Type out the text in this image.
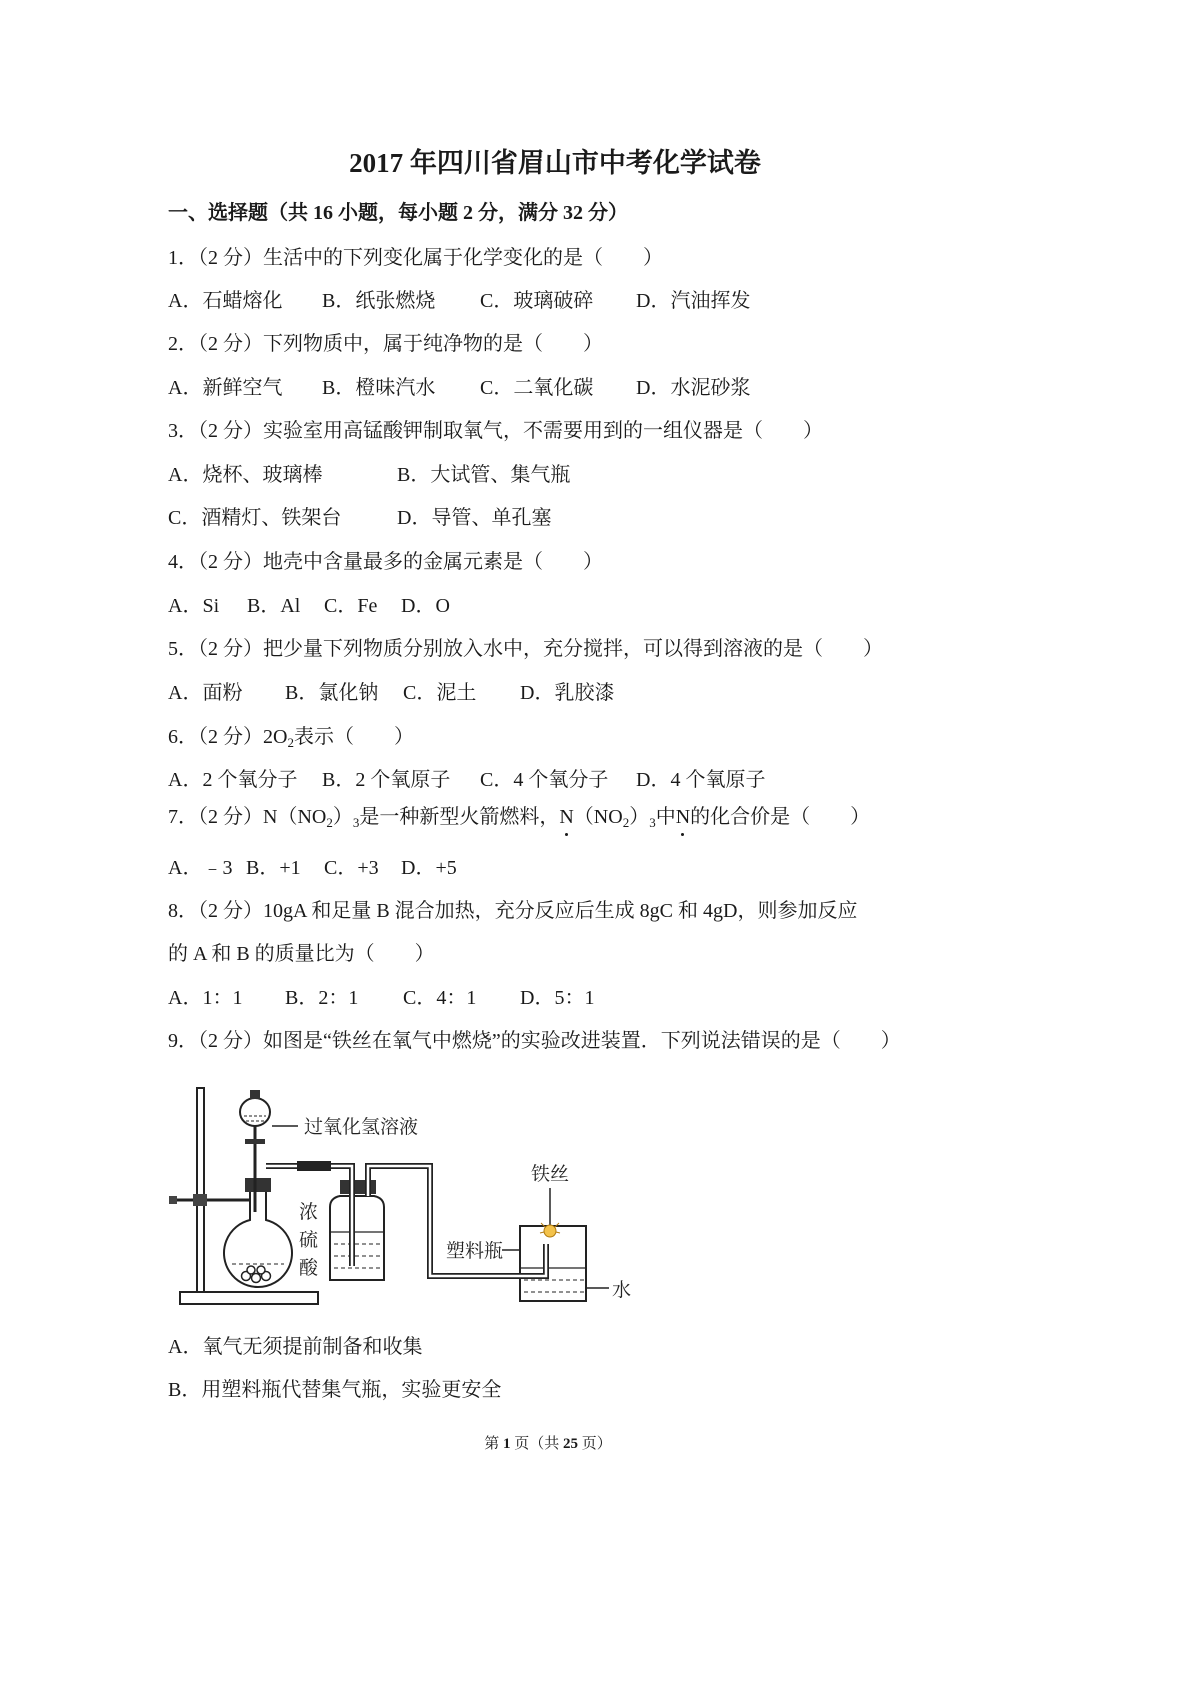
2017 年四川省眉山市中考化学试卷
一、选择题（共 16 小题，每小题 2 分，满分 32 分）
1．（2 分）生活中的下列变化属于化学变化的是（　　）
A．石蜡熔化 B．纸张燃烧 C．玻璃破碎 D．汽油挥发
2．（2 分）下列物质中，属于纯净物的是（　　）
A．新鲜空气 B．橙味汽水 C．二氧化碳 D．水泥砂浆
3．（2 分）实验室用高锰酸钾制取氧气，不需要用到的一组仪器是（　　）
A．烧杯、玻璃棒	B．大试管、集气瓶
C．酒精灯、铁架台	D．导管、单孔塞
4．（2 分）地壳中含量最多的金属元素是（　　）
A．Si B．Al C．Fe D．O
5．（2 分）把少量下列物质分别放入水中，充分搅拌，可以得到溶液的是（　　）
A．面粉 B．氯化钠 C．泥土 D．乳胶漆
6．（2 分）$2O_2$表示（　　）
A．2 个氧分子 B．2 个氧原子 C．4 个氧分子 D．4 个氧原子
7．（2 分）$N(NO_2)_3$是一种新型火箭燃料，$N(NO_2)_3$中N的化合价是（　　）
A．﹣3 B．+1 C．+3 D．+5
8．（2 分）10gA 和足量 B 混合加热，充分反应后生成 8gC 和 4gD，则参加反应
的 A 和 B 的质量比为（　　）
A．1：1 B．2：1 C．4：1 D．5：1
9．（2 分）如图是“铁丝在氧气中燃烧”的实验改进装置．下列说法错误的是（　　）
过氧化氢溶液
浓
硫
酸
铁丝
塑料瓶
水
A．氧气无须提前制备和收集
B．用塑料瓶代替集气瓶，实验更安全
第 1 页（共 25 页）
